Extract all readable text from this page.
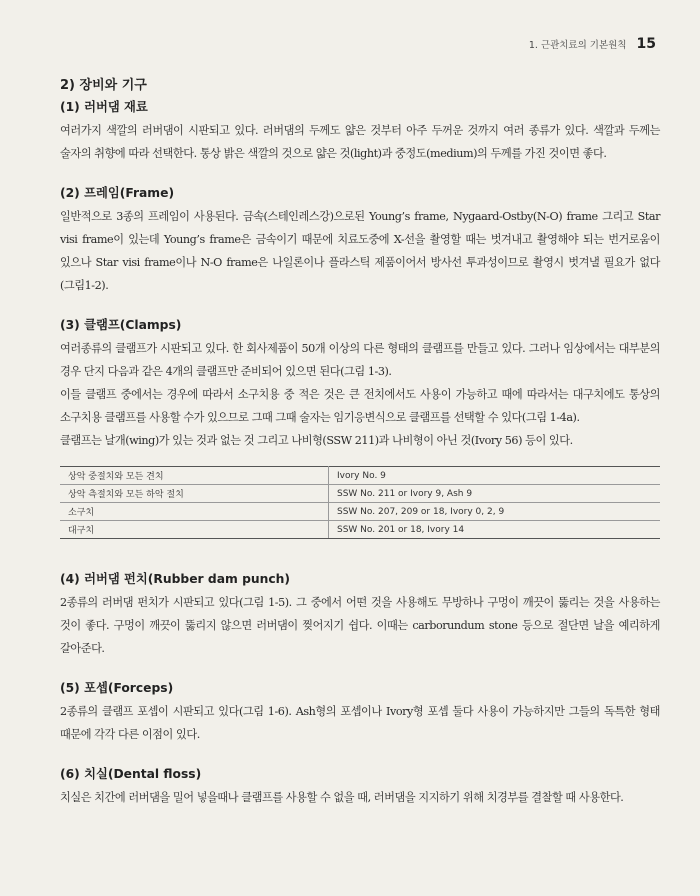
1. 근관치료의 기본원칙 15
2) 장비와 기구
(1) 러버댐 재료

여러가지 색깔의 러버댐이 시판되고 있다. 러버댐의 두께도 얇은 것부터 아주 두꺼운 것까지 여러 종류가 있다. 색깔과 두께는 술자의 취향에 따라 선택한다. 통상 밝은 색깔의 것으로 얇은 것(light)과 중정도(medium)의 두께를 가진 것이면 좋다.

(2) 프레임(Frame)

일반적으로 3종의 프레임이 사용된다. 금속(스테인레스강)으로된 Young’s frame, Nygaard-Ostby(N-O) frame 그리고 Star visi frame이 있는데 Young’s frame은 금속이기 때문에 치료도중에 X-선을 촬영할 때는 벗겨내고 촬영해야 되는 번거로움이 있으나 Star visi frame이나 N-O frame은 나일론이나 플라스틱 제품이어서 방사선 투과성이므로 촬영시 벗겨낼 필요가 없다(그림1-2).

(3) 클램프(Clamps)

여러종류의 클램프가 시판되고 있다. 한 회사제품이 50개 이상의 다른 형태의 클램프를 만들고 있다. 그러나 임상에서는 대부분의 경우 단지 다음과 같은 4개의 클램프만 준비되어 있으면 된다(그림 1-3).

이들 클램프 중에서는 경우에 따라서 소구치용 중 적은 것은 큰 전치에서도 사용이 가능하고 때에 따라서는 대구치에도 통상의 소구치용 클램프를 사용할 수가 있으므로 그때 그때 술자는 임기응변식으로 클램프를 선택할 수 있다(그림 1-4a).

클램프는 날개(wing)가 있는 것과 없는 것 그리고 나비형(SSW 211)과 나비형이 아닌 것(Ivory 56) 등이 있다.

상악 중절치와 모든 견치	Ivory No. 9
상악 측절치와 모든 하악 절치	SSW No. 211 or Ivory 9, Ash 9
소구치	SSW No. 207, 209 or 18, Ivory 0, 2, 9
대구치	SSW No. 201 or 18, Ivory 14
(4) 러버댐 펀치(Rubber dam punch)

2종류의 러버댐 펀치가 시판되고 있다(그림 1-5). 그 중에서 어떤 것을 사용해도 무방하나 구멍이 깨끗이 뚫리는 것을 사용하는 것이 좋다. 구멍이 깨끗이 뚫리지 않으면 러버댐이 찢어지기 쉽다. 이때는 carborundum stone 등으로 절단면 날을 예리하게 갈아준다.

(5) 포셉(Forceps)

2종류의 클램프 포셉이 시판되고 있다(그림 1-6). Ash형의 포셉이나 Ivory형 포셉 둘다 사용이 가능하지만 그들의 독특한 형태 때문에 각각 다른 이점이 있다.

(6) 치실(Dental floss)

치실은 치간에 러버댐을 밀어 넣을때나 클램프를 사용할 수 없을 때, 러버댐을 지지하기 위해 치경부를 결찰할 때 사용한다.
